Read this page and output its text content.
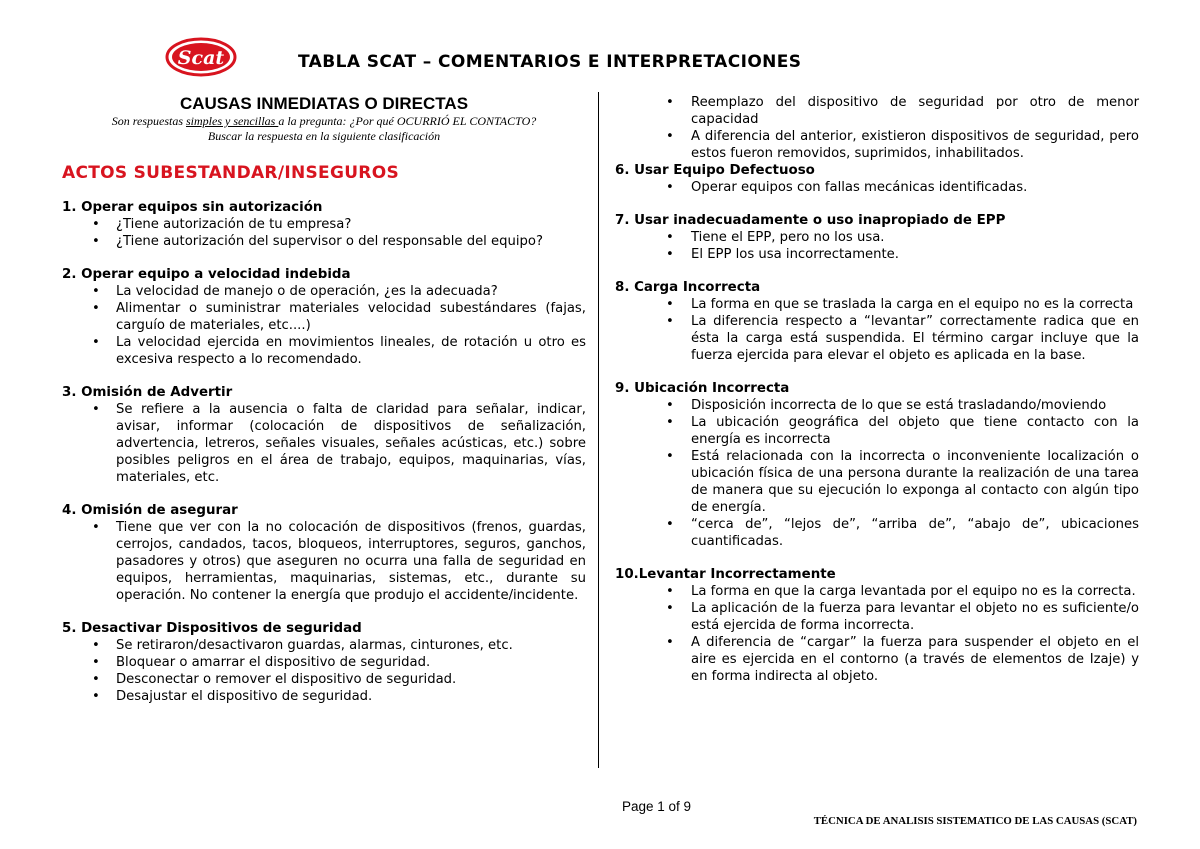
Scat	TABLA SCAT – COMENTARIOS E INTERPRETACIONES
CAUSAS INMEDIATAS O DIRECTAS
Son respuestas simples y sencillas a la pregunta: ¿Por qué OCURRIÓ EL CONTACTO?
Buscar la respuesta en la siguiente clasificación
ACTOS SUBESTANDAR/INSEGUROS
1. Operar equipos sin autorización
• ¿Tiene autorización de tu empresa?
• ¿Tiene autorización del supervisor o del responsable del equipo?
2. Operar equipo a velocidad indebida
• La velocidad de manejo o de operación, ¿es la adecuada?
• Alimentar o suministrar materiales velocidad subestándares (fajas, carguío de materiales, etc....)
• La velocidad ejercida en movimientos lineales, de rotación u otro es excesiva respecto a lo recomendado.
3. Omisión de Advertir
• Se refiere a la ausencia o falta de claridad para señalar, indicar, avisar, informar (colocación de dispositivos de señalización, advertencia, letreros, señales visuales, señales acústicas, etc.) sobre posibles peligros en el área de trabajo, equipos, maquinarias, vías, materiales, etc.
4. Omisión de asegurar
• Tiene que ver con la no colocación de dispositivos (frenos, guardas, cerrojos, candados, tacos, bloqueos, interruptores, seguros, ganchos, pasadores y otros) que aseguren no ocurra una falla de seguridad en equipos, herramientas, maquinarias, sistemas, etc., durante su operación. No contener la energía que produjo el accidente/incidente.
5. Desactivar Dispositivos de seguridad
• Se retiraron/desactivaron guardas, alarmas, cinturones, etc.
• Bloquear o amarrar el dispositivo de seguridad.
• Desconectar o remover el dispositivo de seguridad.
• Desajustar el dispositivo de seguridad.
• Reemplazo del dispositivo de seguridad por otro de menor capacidad
• A diferencia del anterior, existieron dispositivos de seguridad, pero estos fueron removidos, suprimidos, inhabilitados.
6. Usar Equipo Defectuoso
• Operar equipos con fallas mecánicas identificadas.
7. Usar inadecuadamente o uso inapropiado de EPP
• Tiene el EPP, pero no los usa.
• El EPP los usa incorrectamente.
8. Carga Incorrecta
• La forma en que se traslada la carga en el equipo no es la correcta
• La diferencia respecto a “levantar” correctamente radica que en ésta la carga está suspendida. El término cargar incluye que la fuerza ejercida para elevar el objeto es aplicada en la base.
9. Ubicación Incorrecta
• Disposición incorrecta de lo que se está trasladando/moviendo
• La ubicación geográfica del objeto que tiene contacto con la energía es incorrecta
• Está relacionada con la incorrecta o inconveniente localización o ubicación física de una persona durante la realización de una tarea de manera que su ejecución lo exponga al contacto con algún tipo de energía.
• “cerca de”, “lejos de”, “arriba de”, “abajo de”, ubicaciones cuantificadas.
10.Levantar Incorrectamente
• La forma en que la carga levantada por el equipo no es la correcta.
• La aplicación de la fuerza para levantar el objeto no es suficiente/o está ejercida de forma incorrecta.
• A diferencia de “cargar” la fuerza para suspender el objeto en el aire es ejercida en el contorno (a través de elementos de Izaje) y en forma indirecta al objeto.
Page 1 of 9
TÉCNICA DE ANALISIS SISTEMATICO DE LAS CAUSAS (SCAT)
